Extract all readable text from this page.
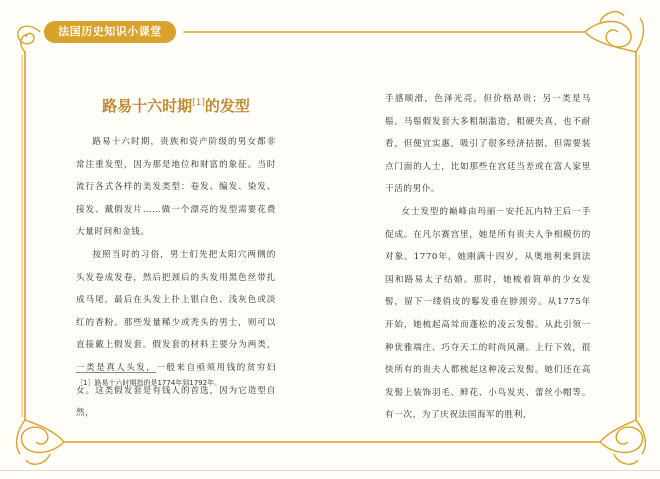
法国历史知识小课堂
路易十六时期[1]的发型

路易十六时期，贵族和资产阶级的男女都非常注重发型，因为那是地位和财富的象征。当时流行各式各样的美发类型：卷发、编发、染发、接发、戴假发片……做一个漂亮的发型需要花费大量时间和金钱。

按照当时的习俗，男士们先把太阳穴两侧的头发卷成发卷，然后把颈后的头发用黑色丝带扎成马尾，最后在头发上扑上银白色、浅灰色或淡红的香粉。那些发量稀少或秃头的男士，则可以直接戴上假发套。假发套的材料主要分为两类，一类是真人头发，一般来自亟须用钱的贫穷妇女。这类假发套是有钱人的首选，因为它造型自然，

［1］路易十六时期指的是1774年到1792年。

手感顺滑，色泽光亮，但价格昂贵；另一类是马鬃。马鬃假发套大多粗制滥造，粗硬失真，也不耐看，但便宜实惠，吸引了很多经济拮据，但需要装点门面的人士，比如那些在宫廷当差或在富人家里干活的男仆。

女士发型的巅峰由玛丽－安托瓦内特王后一手促成。在凡尔赛宫里，她是所有贵夫人争相模仿的对象。1770年，她刚满十四岁，从奥地利来到法国和路易太子结婚。那时，她梳着简单的少女发髻，留下一缕俏皮的鬈发垂在脖颈旁。从1775年开始，她梳起高耸而蓬松的凌云发髻。从此引领一种优雅端庄、巧夺天工的时尚风潮。上行下效，很快所有的贵夫人都梳起这种凌云发髻。她们还在高发髻上装饰羽毛、鲜花、小鸟发夹、蕾丝小帽等。有一次，为了庆祝法国海军的胜利，
